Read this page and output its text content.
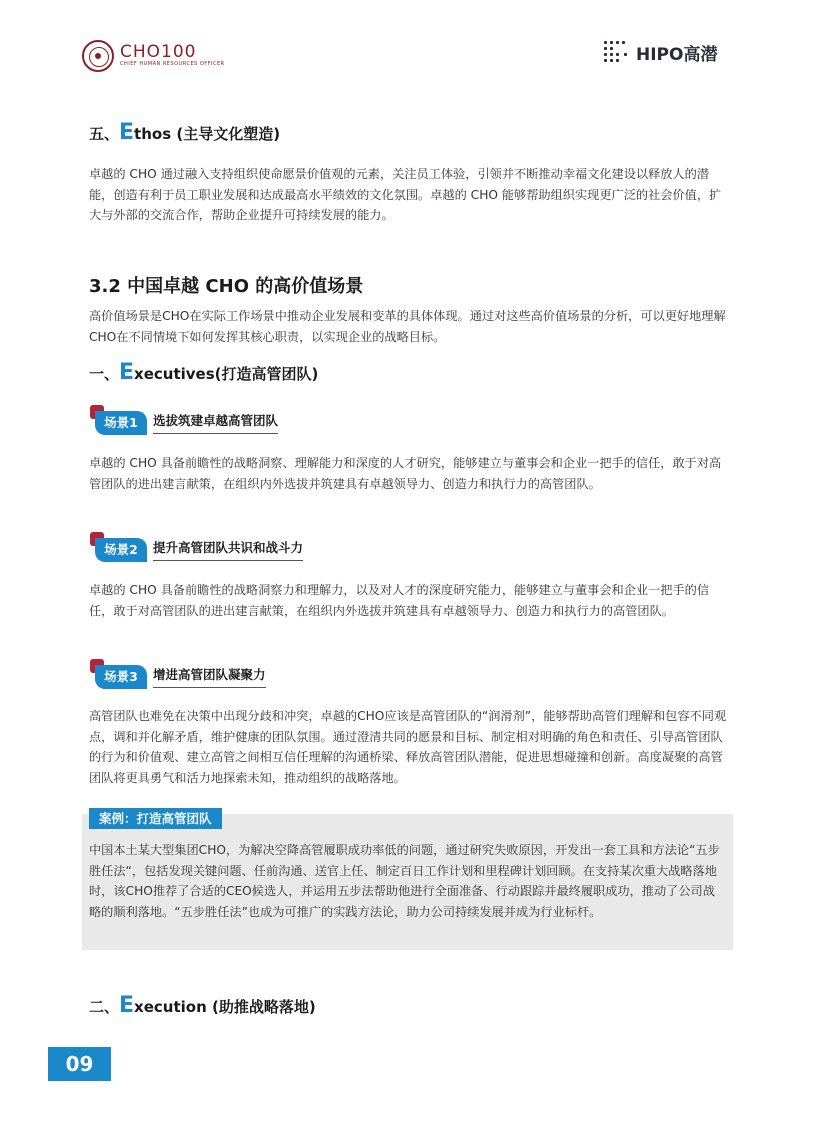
CHO100
CHIEF HUMAN RESOURCES OFFICER	HIPO高潜
五、Ethos (主导文化塑造)
卓越的 CHO 通过融入支持组织使命愿景价值观的元素，关注员工体验，引领并不断推动幸福文化建设以释放人的潜能，创造有利于员工职业发展和达成最高水平绩效的文化氛围。卓越的 CHO 能够帮助组织实现更广泛的社会价值，扩大与外部的交流合作，帮助企业提升可持续发展的能力。
3.2 中国卓越 CHO 的高价值场景
高价值场景是CHO在实际工作场景中推动企业发展和变革的具体体现。通过对这些高价值场景的分析，可以更好地理解CHO在不同情境下如何发挥其核心职责，以实现企业的战略目标。
一、Executives(打造高管团队)
场景1	选拔筑建卓越高管团队
卓越的 CHO 具备前瞻性的战略洞察、理解能力和深度的人才研究，能够建立与董事会和企业一把手的信任，敢于对高管团队的进出建言献策，在组织内外选拔并筑建具有卓越领导力、创造力和执行力的高管团队。
场景2	提升高管团队共识和战斗力
卓越的 CHO 具备前瞻性的战略洞察力和理解力，以及对人才的深度研究能力，能够建立与董事会和企业一把手的信任，敢于对高管团队的进出建言献策，在组织内外选拔并筑建具有卓越领导力、创造力和执行力的高管团队。
场景3	增进高管团队凝聚力
高管团队也难免在决策中出现分歧和冲突，卓越的CHO应该是高管团队的“润滑剂”，能够帮助高管们理解和包容不同观点，调和并化解矛盾，维护健康的团队氛围。通过澄清共同的愿景和目标、制定相对明确的角色和责任、引导高管团队的行为和价值观、建立高管之间相互信任理解的沟通桥梁、释放高管团队潜能，促进思想碰撞和创新。高度凝聚的高管团队将更具勇气和活力地探索未知，推动组织的战略落地。
案例：打造高管团队
中国本土某大型集团CHO，为解决空降高管履职成功率低的问题，通过研究失败原因，开发出一套工具和方法论“五步胜任法“，包括发现关键问题、任前沟通、送官上任、制定百日工作计划和里程碑计划回顾。在支持某次重大战略落地时，该CHO推荐了合适的CEO候选人，并运用五步法帮助他进行全面准备、行动跟踪并最终履职成功，推动了公司战略的顺利落地。“五步胜任法”也成为可推广的实践方法论，助力公司持续发展并成为行业标杆。
二、Execution (助推战略落地)
09
